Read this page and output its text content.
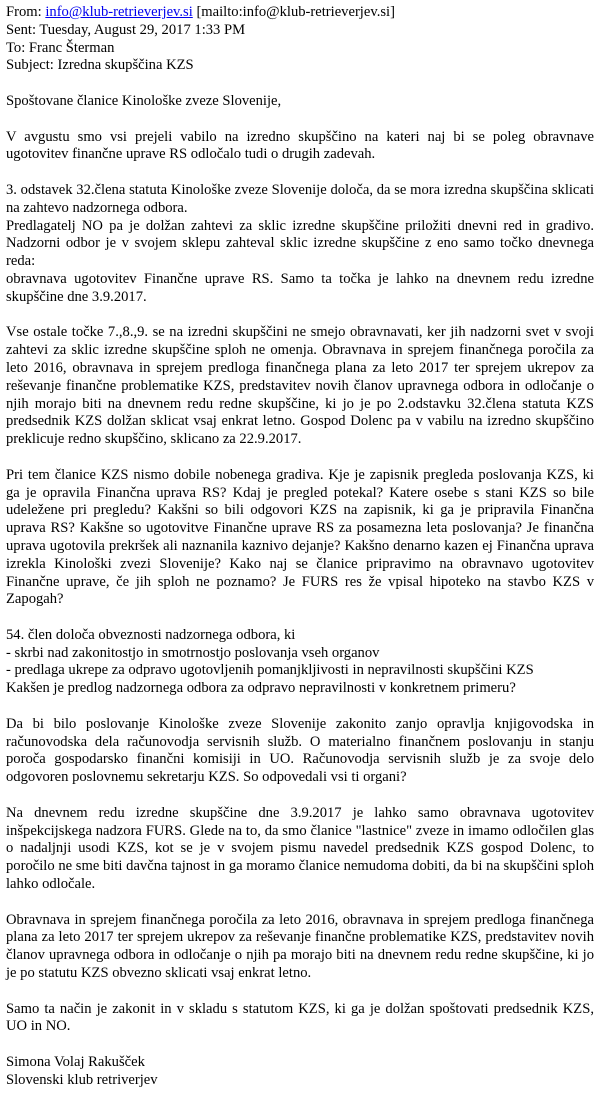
From: info@klub-retrieverjev.si [mailto:info@klub-retrieverjev.si]
Sent: Tuesday, August 29, 2017 1:33 PM
To: Franc Šterman
Subject: Izredna skupščina KZS

Spoštovane članice Kinološke zveze Slovenije,

V avgustu smo vsi prejeli vabilo na izredno skupščino na kateri naj bi se poleg obravnave ugotovitev finančne uprave RS odločalo tudi o drugih zadevah.

3. odstavek 32.člena statuta Kinološke zveze Slovenije določa, da se mora izredna skupščina sklicati na zahtevo nadzornega odbora.

Predlagatelj NO pa je dolžan zahtevi za sklic izredne skupščine priložiti dnevni red in gradivo. Nadzorni odbor je v svojem sklepu zahteval sklic izredne skupščine z eno samo točko dnevnega reda:

obravnava ugotovitev Finančne uprave RS. Samo ta točka je lahko na dnevnem redu izredne skupščine dne 3.9.2017.

Vse ostale točke 7.,8.,9. se na izredni skupščini ne smejo obravnavati, ker jih nadzorni svet v svoji zahtevi za sklic izredne skupščine sploh ne omenja. Obravnava in sprejem finančnega poročila za leto 2016, obravnava in sprejem predloga finančnega plana za leto 2017 ter sprejem ukrepov za reševanje finančne problematike KZS, predstavitev novih članov upravnega odbora in odločanje o njih morajo biti na dnevnem redu redne skupščine, ki jo je po 2.odstavku 32.člena statuta KZS predsednik KZS dolžan sklicat vsaj enkrat letno. Gospod Dolenc pa v vabilu na izredno skupščino preklicuje redno skupščino, sklicano za 22.9.2017.

Pri tem članice KZS nismo dobile nobenega gradiva. Kje je zapisnik pregleda poslovanja KZS, ki ga je opravila Finančna uprava RS? Kdaj je pregled potekal? Katere osebe s stani KZS so bile udeležene pri pregledu? Kakšni so bili odgovori KZS na zapisnik, ki ga je pripravila Finančna uprava RS? Kakšne so ugotovitve Finančne uprave RS za posamezna leta poslovanja? Je finančna uprava ugotovila prekršek ali naznanila kaznivo dejanje? Kakšno denarno kazen ej Finančna uprava izrekla Kinološki zvezi Slovenije? Kako naj se članice pripravimo na obravnavo ugotovitev Finančne uprave, če jih sploh ne poznamo? Je FURS res že vpisal hipoteko na stavbo KZS v Zapogah?

54. člen določa obveznosti nadzornega odbora, ki

- skrbi nad zakonitostjo in smotrnostjo poslovanja vseh organov

- predlaga ukrepe za odpravo ugotovljenih pomanjkljivosti in nepravilnosti skupščini KZS

Kakšen je predlog nadzornega odbora za odpravo nepravilnosti v konkretnem primeru?

Da bi bilo poslovanje Kinološke zveze Slovenije zakonito zanjo opravlja knjigovodska in računovodska dela računovodja servisnih služb. O materialno finančnem poslovanju in stanju poroča gospodarsko finančni komisiji in UO. Računovodja servisnih služb je za svoje delo odgovoren poslovnemu sekretarju KZS. So odpovedali vsi ti organi?

Na dnevnem redu izredne skupščine dne 3.9.2017 je lahko samo obravnava ugotovitev inšpekcijskega nadzora FURS. Glede na to, da smo članice "lastnice" zveze in imamo odločilen glas o nadaljnji usodi KZS, kot se je v svojem pismu navedel predsednik KZS gospod Dolenc, to poročilo ne sme biti davčna tajnost in ga moramo članice nemudoma dobiti, da bi na skupščini sploh lahko odločale.

Obravnava in sprejem finančnega poročila za leto 2016, obravnava in sprejem predloga finančnega plana za leto 2017 ter sprejem ukrepov za reševanje finančne problematike KZS, predstavitev novih članov upravnega odbora in odločanje o njih pa morajo biti na dnevnem redu redne skupščine, ki jo je po statutu KZS obvezno sklicati vsaj enkrat letno.

Samo ta način je zakonit in v skladu s statutom KZS, ki ga je dolžan spoštovati predsednik KZS, UO in NO.

Simona Volaj Rakušček

Slovenski klub retriverjev
